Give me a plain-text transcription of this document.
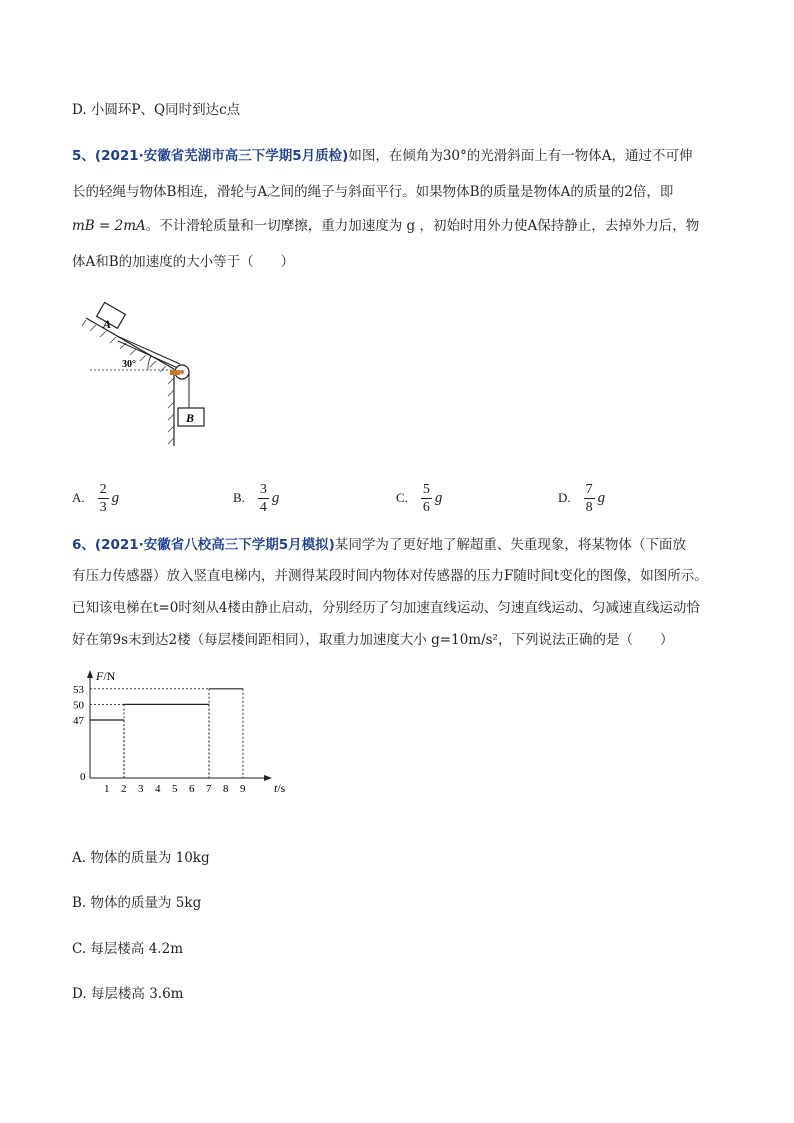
D. 小圆环P、Q同时到达c点
5、(2021·安徽省芜湖市高三下学期5月质检)如图，在倾角为30°的光滑斜面上有一物体A，通过不可伸
长的轻绳与物体B相连，滑轮与A之间的绳子与斜面平行。如果物体B的质量是物体A的质量的2倍，即
mB = 2mA。不计滑轮质量和一切摩擦，重力加速度为 g ，初始时用外力使A保持静止，去掉外力后，物
体A和B的加速度的大小等于（　　）
30°
A
B
A. $\frac{2}{3}$ g	B. $\frac{3}{4}$ g	C. $\frac{5}{6}$ g	D. $\frac{7}{8}$ g
6、(2021·安徽省八校高三下学期5月模拟)某同学为了更好地了解超重、失重现象，将某物体（下面放
有压力传感器）放入竖直电梯内，并测得某段时间内物体对传感器的压力F随时间t变化的图像，如图所示。
已知该电梯在t=0时刻从4楼由静止启动，分别经历了匀加速直线运动、匀速直线运动、匀减速直线运动恰
好在第9s末到达2楼（每层楼间距相同），取重力加速度大小 g=10m/s²，下列说法正确的是（　　）
F/N
t/s
1 2 3 4 5 6 7 8 9
0
47
50
53
A. 物体的质量为 10kg
B. 物体的质量为 5kg
C. 每层楼高 4.2m
D. 每层楼高 3.6m
